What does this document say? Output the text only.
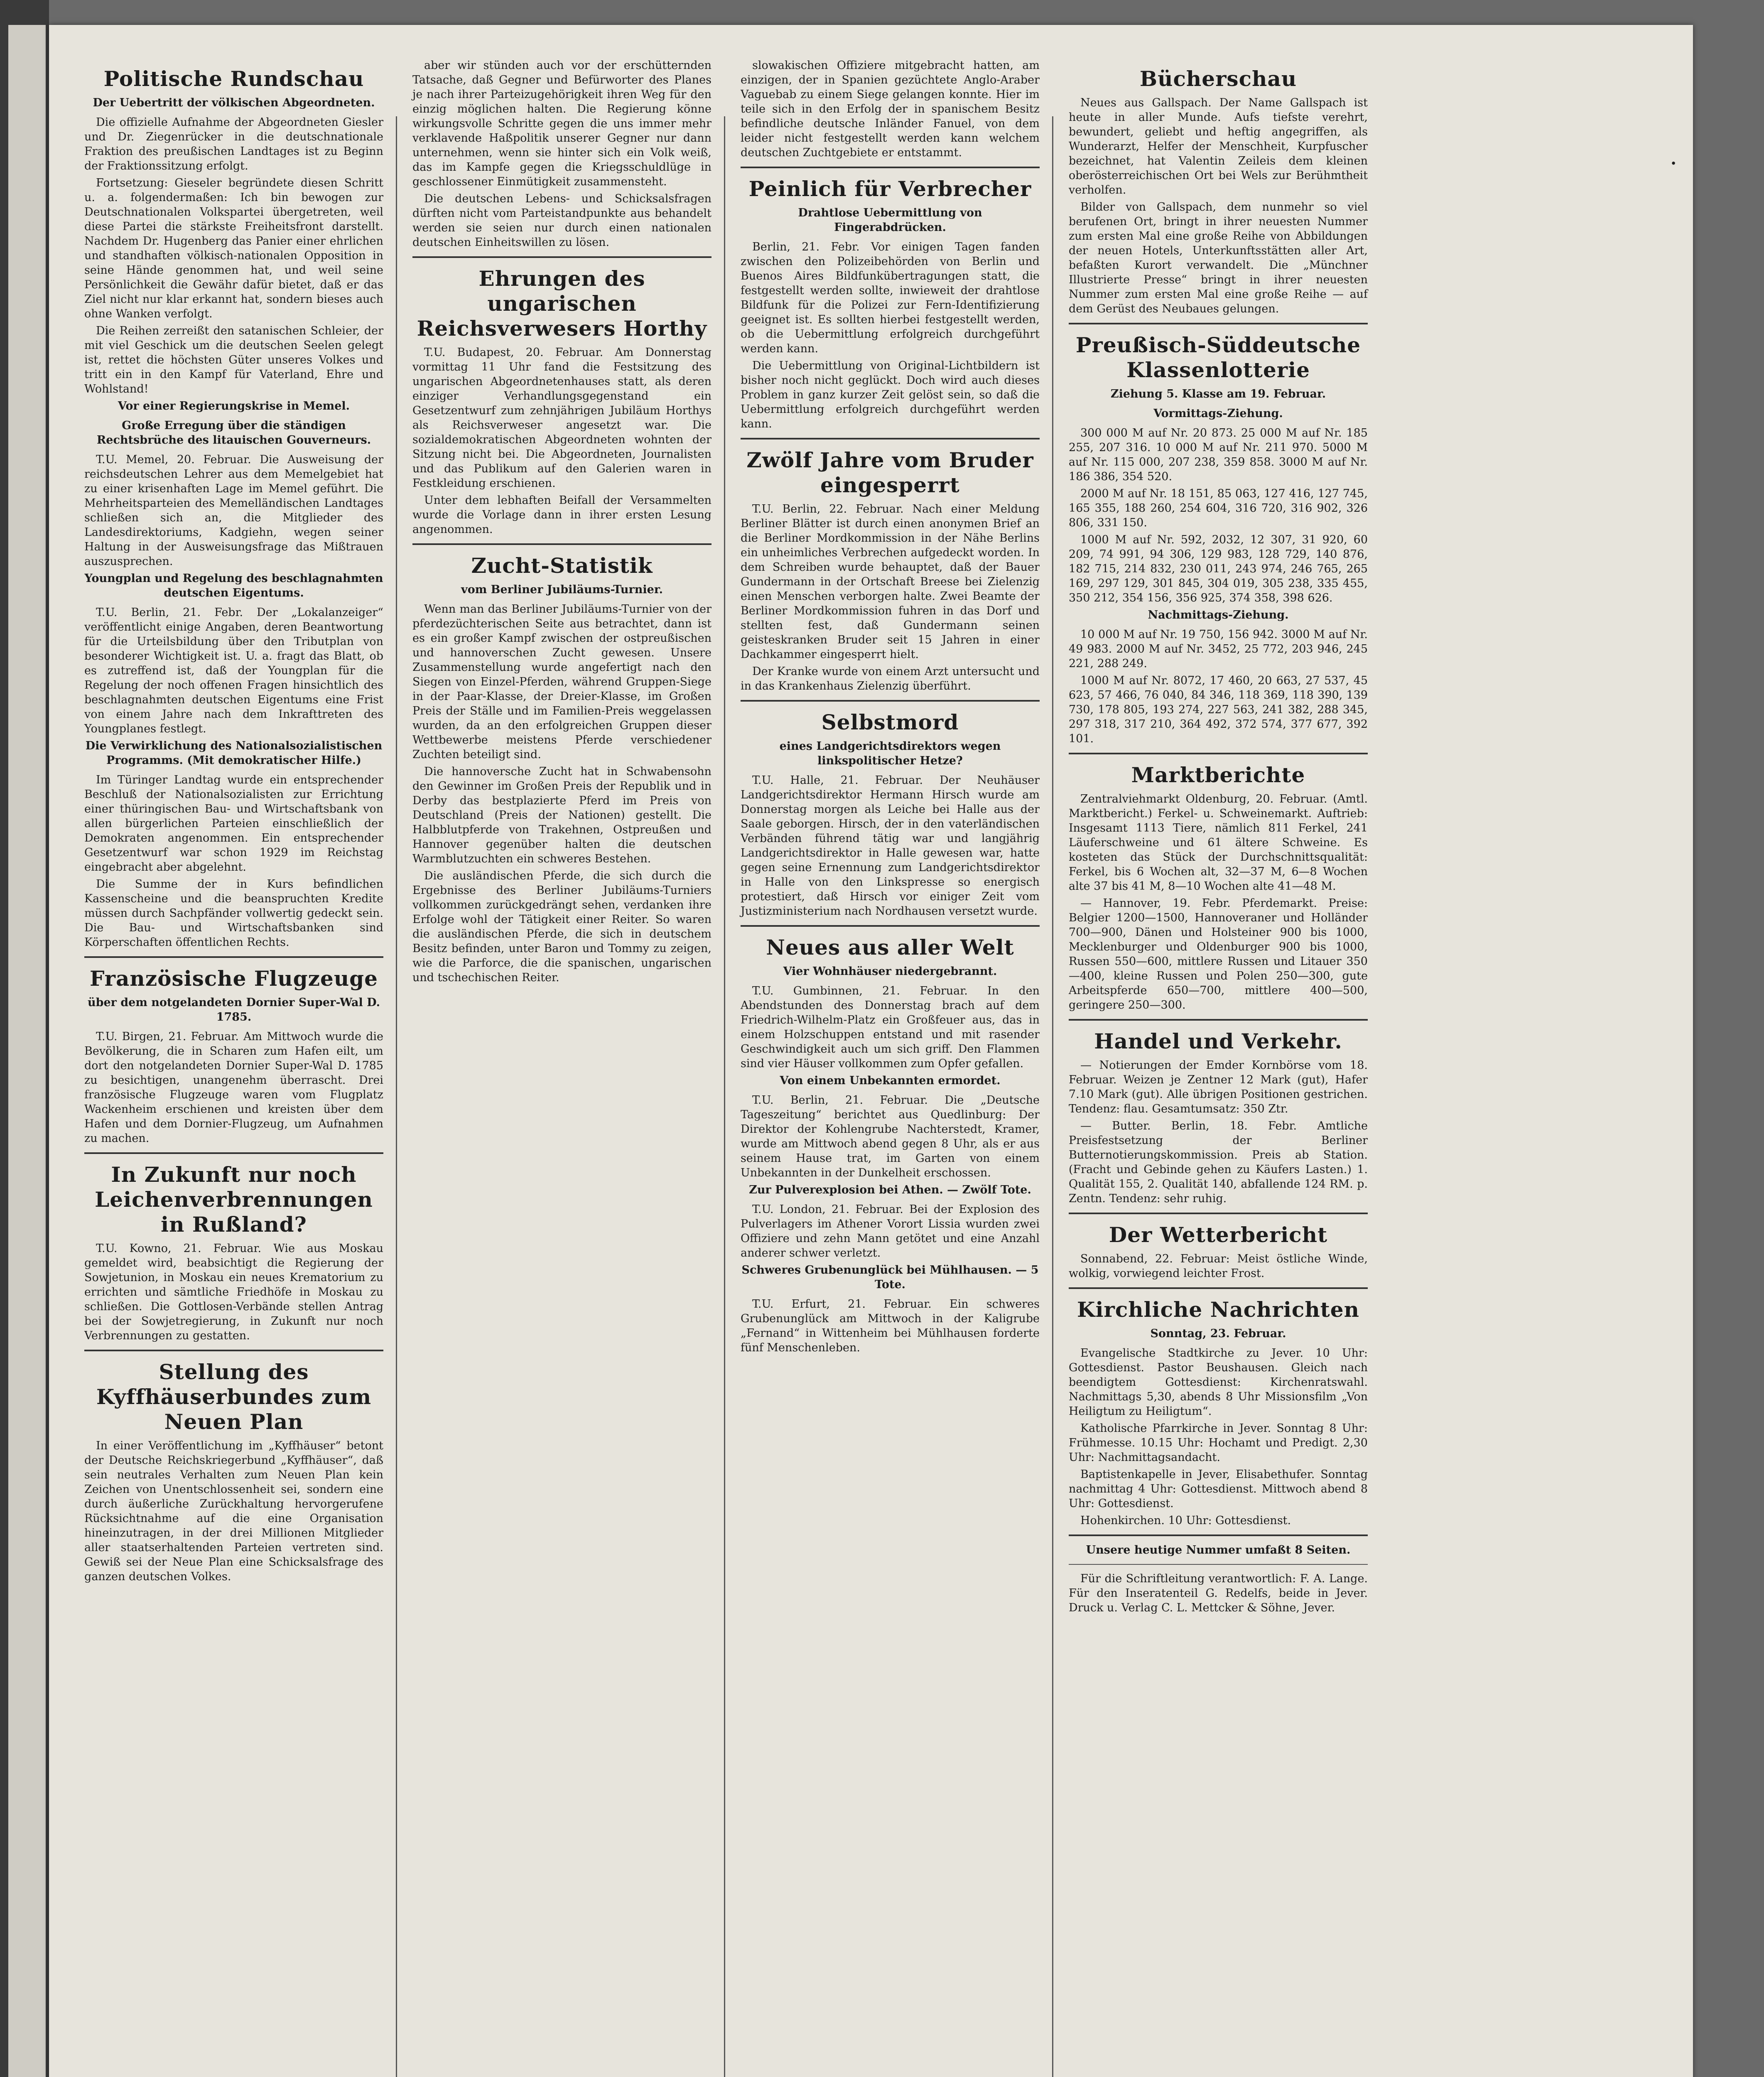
·
Politische Rundschau
Der Uebertritt der völkischen Abgeordneten.
Die offizielle Aufnahme der Abgeordneten Giesler und Dr. Ziegenrücker in die deutschnationale Fraktion des preußischen Landtages ist zu Beginn der Fraktionssitzung erfolgt.
Fortsetzung: Gieseler begründete diesen Schritt u. a. folgendermaßen: Ich bin bewogen zur Deutschnationalen Volkspartei übergetreten, weil diese Partei die stärkste Freiheitsfront darstellt. Nachdem Dr. Hugenberg das Panier einer ehrlichen und standhaften völkisch-nationalen Opposition in seine Hände genommen hat, und weil seine Persönlichkeit die Gewähr dafür bietet, daß er das Ziel nicht nur klar erkannt hat, sondern bieses auch ohne Wanken verfolgt.
Die Reihen zerreißt den satanischen Schleier, der mit viel Geschick um die deutschen Seelen gelegt ist, rettet die höchsten Güter unseres Volkes und tritt ein in den Kampf für Vaterland, Ehre und Wohlstand!
Vor einer Regierungskrise in Memel.
Große Erregung über die ständigen Rechtsbrüche des litauischen Gouverneurs.
T.U. Memel, 20. Februar. Die Ausweisung der reichsdeutschen Lehrer aus dem Memelgebiet hat zu einer krisenhaften Lage im Memel geführt. Die Mehrheitsparteien des Memelländischen Landtages schließen sich an, die Mitglieder des Landesdirektoriums, Kadgiehn, wegen seiner Haltung in der Ausweisungsfrage das Mißtrauen auszusprechen.
Youngplan und Regelung des beschlagnahmten deutschen Eigentums.
T.U. Berlin, 21. Febr. Der „Lokalanzeiger“ veröffentlicht einige Angaben, deren Beantwortung für die Urteilsbildung über den Tributplan von besonderer Wichtigkeit ist. U. a. fragt das Blatt, ob es zutreffend ist, daß der Youngplan für die Regelung der noch offenen Fragen hinsichtlich des beschlagnahmten deutschen Eigentums eine Frist von einem Jahre nach dem Inkrafttreten des Youngplanes festlegt.
Die Verwirklichung des Nationalsozialistischen Programms. (Mit demokratischer Hilfe.)
Im Türinger Landtag wurde ein entsprechender Beschluß der Nationalsozialisten zur Errichtung einer thüringischen Bau- und Wirtschaftsbank von allen bürgerlichen Parteien einschließlich der Demokraten angenommen. Ein entsprechender Gesetzentwurf war schon 1929 im Reichstag eingebracht aber abgelehnt.
Die Summe der in Kurs befindlichen Kassenscheine und die beanspruchten Kredite müssen durch Sachpfänder vollwertig gedeckt sein. Die Bau- und Wirtschaftsbanken sind Körperschaften öffentlichen Rechts.
Französische Flugzeuge
über dem notgelandeten Dornier Super-Wal D. 1785.
T.U. Birgen, 21. Februar. Am Mittwoch wurde die Bevölkerung, die in Scharen zum Hafen eilt, um dort den notgelandeten Dornier Super-Wal D. 1785 zu besichtigen, unangenehm überrascht. Drei französische Flugzeuge waren vom Flugplatz Wackenheim erschienen und kreisten über dem Hafen und dem Dornier-Flugzeug, um Aufnahmen zu machen.
In Zukunft nur noch Leichenverbrennungen in Rußland?
T.U. Kowno, 21. Februar. Wie aus Moskau gemeldet wird, beabsichtigt die Regierung der Sowjetunion, in Moskau ein neues Krematorium zu errichten und sämtliche Friedhöfe in Moskau zu schließen. Die Gottlosen-Verbände stellen Antrag bei der Sowjetregierung, in Zukunft nur noch Verbrennungen zu gestatten.
Stellung des Kyffhäuserbundes zum Neuen Plan
In einer Veröffentlichung im „Kyffhäuser“ betont der Deutsche Reichskriegerbund „Kyffhäuser“, daß sein neutrales Verhalten zum Neuen Plan kein Zeichen von Unentschlossenheit sei, sondern eine durch äußerliche Zurückhaltung hervorgerufene Rücksichtnahme auf die eine Organisation hineinzutragen, in der drei Millionen Mitglieder aller staatserhaltenden Parteien vertreten sind. Gewiß sei der Neue Plan eine Schicksalsfrage des ganzen deutschen Volkes.
aber wir stünden auch vor der erschütternden Tatsache, daß Gegner und Befürworter des Planes je nach ihrer Parteizugehörigkeit ihren Weg für den einzig möglichen halten. Die Regierung könne wirkungsvolle Schritte gegen die uns immer mehr verklavende Haßpolitik unserer Gegner nur dann unternehmen, wenn sie hinter sich ein Volk weiß, das im Kampfe gegen die Kriegsschuldlüge in geschlossener Einmütigkeit zusammensteht.
Die deutschen Lebens- und Schicksalsfragen dürften nicht vom Parteistandpunkte aus behandelt werden sie seien nur durch einen nationalen deutschen Einheitswillen zu lösen.
Ehrungen des ungarischen Reichsverwesers Horthy
T.U. Budapest, 20. Februar. Am Donnerstag vormittag 11 Uhr fand die Festsitzung des ungarischen Abgeordnetenhauses statt, als deren einziger Verhandlungsgegenstand ein Gesetzentwurf zum zehnjährigen Jubiläum Horthys als Reichsverweser angesetzt war. Die sozialdemokratischen Abgeordneten wohnten der Sitzung nicht bei. Die Abgeordneten, Journalisten und das Publikum auf den Galerien waren in Festkleidung erschienen.
Unter dem lebhaften Beifall der Versammelten wurde die Vorlage dann in ihrer ersten Lesung angenommen.
Zucht-Statistik
vom Berliner Jubiläums-Turnier.
Wenn man das Berliner Jubiläums-Turnier von der pferdezüchterischen Seite aus betrachtet, dann ist es ein großer Kampf zwischen der ostpreußischen und hannoverschen Zucht gewesen. Unsere Zusammenstellung wurde angefertigt nach den Siegen von Einzel-Pferden, während Gruppen-Siege in der Paar-Klasse, der Dreier-Klasse, im Großen Preis der Ställe und im Familien-Preis weggelassen wurden, da an den erfolgreichen Gruppen dieser Wettbewerbe meistens Pferde verschiedener Zuchten beteiligt sind.
Die hannoversche Zucht hat in Schwabensohn den Gewinner im Großen Preis der Republik und in Derby das bestplazierte Pferd im Preis von Deutschland (Preis der Nationen) gestellt. Die Halbblutpferde von Trakehnen, Ostpreußen und Hannover gegenüber halten die deutschen Warmblutzuchten ein schweres Bestehen.
Die ausländischen Pferde, die sich durch die Ergebnisse des Berliner Jubiläums-Turniers vollkommen zurückgedrängt sehen, verdanken ihre Erfolge wohl der Tätigkeit einer Reiter. So waren die ausländischen Pferde, die sich in deutschem Besitz befinden, unter Baron und Tommy zu zeigen, wie die Parforce, die die spanischen, ungarischen und tschechischen Reiter.
slowakischen Offiziere mitgebracht hatten, am einzigen, der in Spanien gezüchtete Anglo-Araber Vaguebab zu einem Siege gelangen konnte. Hier im teile sich in den Erfolg der in spanischem Besitz befindliche deutsche Inländer Fanuel, von dem leider nicht festgestellt werden kann welchem deutschen Zuchtgebiete er entstammt.
Peinlich für Verbrecher
Drahtlose Uebermittlung von Fingerabdrücken.
Berlin, 21. Febr. Vor einigen Tagen fanden zwischen den Polizeibehörden von Berlin und Buenos Aires Bildfunkübertragungen statt, die festgestellt werden sollte, inwieweit der drahtlose Bildfunk für die Polizei zur Fern-Identifizierung geeignet ist. Es sollten hierbei festgestellt werden, ob die Uebermittlung erfolgreich durchgeführt werden kann.
Die Uebermittlung von Original-Lichtbildern ist bisher noch nicht geglückt. Doch wird auch dieses Problem in ganz kurzer Zeit gelöst sein, so daß die Uebermittlung erfolgreich durchgeführt werden kann.
Zwölf Jahre vom Bruder eingesperrt
T.U. Berlin, 22. Februar. Nach einer Meldung Berliner Blätter ist durch einen anonymen Brief an die Berliner Mordkommission in der Nähe Berlins ein unheimliches Verbrechen aufgedeckt worden. In dem Schreiben wurde behauptet, daß der Bauer Gundermann in der Ortschaft Breese bei Zielenzig einen Menschen verborgen halte. Zwei Beamte der Berliner Mordkommission fuhren in das Dorf und stellten fest, daß Gundermann seinen geisteskranken Bruder seit 15 Jahren in einer Dachkammer eingesperrt hielt.
Der Kranke wurde von einem Arzt untersucht und in das Krankenhaus Zielenzig überführt.
Selbstmord
eines Landgerichtsdirektors wegen linkspolitischer Hetze?
T.U. Halle, 21. Februar. Der Neuhäuser Landgerichtsdirektor Hermann Hirsch wurde am Donnerstag morgen als Leiche bei Halle aus der Saale geborgen. Hirsch, der in den vaterländischen Verbänden führend tätig war und langjährig Landgerichtsdirektor in Halle gewesen war, hatte gegen seine Ernennung zum Landgerichtsdirektor in Halle von den Linkspresse so energisch protestiert, daß Hirsch vor einiger Zeit vom Justizministerium nach Nordhausen versetzt wurde.
Neues aus aller Welt
Vier Wohnhäuser niedergebrannt.
T.U. Gumbinnen, 21. Februar. In den Abendstunden des Donnerstag brach auf dem Friedrich-Wilhelm-Platz ein Großfeuer aus, das in einem Holzschuppen entstand und mit rasender Geschwindigkeit auch um sich griff. Den Flammen sind vier Häuser vollkommen zum Opfer gefallen.
Von einem Unbekannten ermordet.
T.U. Berlin, 21. Februar. Die „Deutsche Tageszeitung“ berichtet aus Quedlinburg: Der Direktor der Kohlengrube Nachterstedt, Kramer, wurde am Mittwoch abend gegen 8 Uhr, als er aus seinem Hause trat, im Garten von einem Unbekannten in der Dunkelheit erschossen.
Zur Pulverexplosion bei Athen. — Zwölf Tote.
T.U. London, 21. Februar. Bei der Explosion des Pulverlagers im Athener Vorort Lissia wurden zwei Offiziere und zehn Mann getötet und eine Anzahl anderer schwer verletzt.
Schweres Grubenunglück bei Mühlhausen. — 5 Tote.
T.U. Erfurt, 21. Februar. Ein schweres Grubenunglück am Mittwoch in der Kaligrube „Fernand“ in Wittenheim bei Mühlhausen forderte fünf Menschenleben.
Bücherschau
Neues aus Gallspach. Der Name Gallspach ist heute in aller Munde. Aufs tiefste verehrt, bewundert, geliebt und heftig angegriffen, als Wunderarzt, Helfer der Menschheit, Kurpfuscher bezeichnet, hat Valentin Zeileis dem kleinen oberösterreichischen Ort bei Wels zur Berühmtheit verholfen.
Bilder von Gallspach, dem nunmehr so viel berufenen Ort, bringt in ihrer neuesten Nummer zum ersten Mal eine große Reihe von Abbildungen der neuen Hotels, Unterkunftsstätten aller Art, befaßten Kurort verwandelt. Die „Münchner Illustrierte Presse“ bringt in ihrer neuesten Nummer zum ersten Mal eine große Reihe — auf dem Gerüst des Neubaues gelungen.
Preußisch-Süddeutsche Klassenlotterie
Ziehung 5. Klasse am 19. Februar.
Vormittags-Ziehung.
300 000 M auf Nr. 20 873. 25 000 M auf Nr. 185 255, 207 316. 10 000 M auf Nr. 211 970. 5000 M auf Nr. 115 000, 207 238, 359 858. 3000 M auf Nr. 186 386, 354 520.
2000 M auf Nr. 18 151, 85 063, 127 416, 127 745, 165 355, 188 260, 254 604, 316 720, 316 902, 326 806, 331 150.
1000 M auf Nr. 592, 2032, 12 307, 31 920, 60 209, 74 991, 94 306, 129 983, 128 729, 140 876, 182 715, 214 832, 230 011, 243 974, 246 765, 265 169, 297 129, 301 845, 304 019, 305 238, 335 455, 350 212, 354 156, 356 925, 374 358, 398 626.
Nachmittags-Ziehung.
10 000 M auf Nr. 19 750, 156 942. 3000 M auf Nr. 49 983. 2000 M auf Nr. 3452, 25 772, 203 946, 245 221, 288 249.
1000 M auf Nr. 8072, 17 460, 20 663, 27 537, 45 623, 57 466, 76 040, 84 346, 118 369, 118 390, 139 730, 178 805, 193 274, 227 563, 241 382, 288 345, 297 318, 317 210, 364 492, 372 574, 377 677, 392 101.
Marktberichte
Zentralviehmarkt Oldenburg, 20. Februar. (Amtl. Marktbericht.) Ferkel- u. Schweinemarkt. Auftrieb: Insgesamt 1113 Tiere, nämlich 811 Ferkel, 241 Läuferschweine und 61 ältere Schweine. Es kosteten das Stück der Durchschnittsqualität: Ferkel, bis 6 Wochen alt, 32—37 M, 6—8 Wochen alte 37 bis 41 M, 8—10 Wochen alte 41—48 M.
— Hannover, 19. Febr. Pferdemarkt. Preise: Belgier 1200—1500, Hannoveraner und Holländer 700—900, Dänen und Holsteiner 900 bis 1000, Mecklenburger und Oldenburger 900 bis 1000, Russen 550—600, mittlere Russen und Litauer 350—400, kleine Russen und Polen 250—300, gute Arbeitspferde 650—700, mittlere 400—500, geringere 250—300.
Handel und Verkehr.
— Notierungen der Emder Kornbörse vom 18. Februar. Weizen je Zentner 12 Mark (gut), Hafer 7.10 Mark (gut). Alle übrigen Positionen gestrichen. Tendenz: flau. Gesamtumsatz: 350 Ztr.
— Butter. Berlin, 18. Febr. Amtliche Preisfestsetzung der Berliner Butternotierungskommission. Preis ab Station. (Fracht und Gebinde gehen zu Käufers Lasten.) 1. Qualität 155, 2. Qualität 140, abfallende 124 RM. p. Zentn. Tendenz: sehr ruhig.
Der Wetterbericht
Sonnabend, 22. Februar: Meist östliche Winde, wolkig, vorwiegend leichter Frost.
Kirchliche Nachrichten
Sonntag, 23. Februar.
Evangelische Stadtkirche zu Jever. 10 Uhr: Gottesdienst. Pastor Beushausen. Gleich nach beendigtem Gottesdienst: Kirchenratswahl. Nachmittags 5,30, abends 8 Uhr Missionsfilm „Von Heiligtum zu Heiligtum“.
Katholische Pfarrkirche in Jever. Sonntag 8 Uhr: Frühmesse. 10.15 Uhr: Hochamt und Predigt. 2,30 Uhr: Nachmittagsandacht.
Baptistenkapelle in Jever, Elisabethufer. Sonntag nachmittag 4 Uhr: Gottesdienst. Mittwoch abend 8 Uhr: Gottesdienst.
Hohenkirchen. 10 Uhr: Gottesdienst.
Unsere heutige Nummer umfaßt 8 Seiten.
Für die Schriftleitung verantwortlich: F. A. Lange. Für den Inseratenteil G. Redelfs, beide in Jever. Druck u. Verlag C. L. Mettcker & Söhne, Jever.
